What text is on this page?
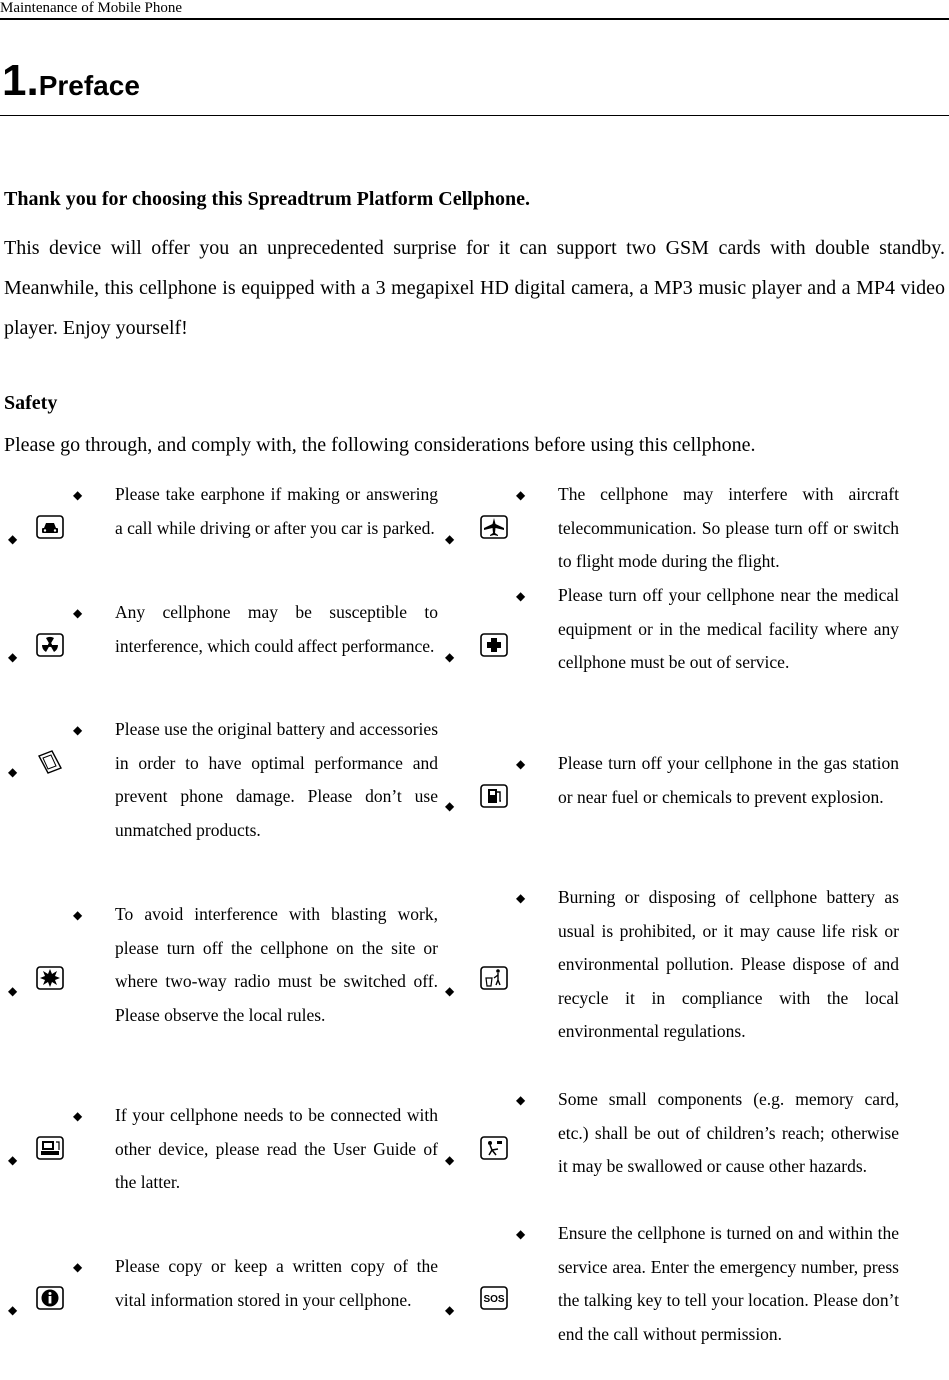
Maintenance of Mobile Phone
1.Preface
Thank you for choosing this Spreadtrum Platform Cellphone.
This device will offer you an unprecedented surprise for it can support two GSM cards with double standby. Meanwhile, this cellphone is equipped with a 3 megapixel HD digital camera, a MP3 music player and a MP4 video player. Enjoy yourself!
Safety
Please go through, and comply with, the following considerations before using this cellphone.
◆
◆ Please take earphone if making or answering a call while driving or after you car is parked.
◆
◆ The cellphone may interfere with aircraft telecommunication. So please turn off or switch to flight mode during the flight.
◆
◆ Any cellphone may be susceptible to interference, which could affect performance.
◆
◆ Please turn off your cellphone near the medical equipment or in the medical facility where any cellphone must be out of service.
◆
◆ Please use the original battery and accessories in order to have optimal performance and prevent phone damage. Please don’t use unmatched products.
◆
◆ Please turn off your cellphone in the gas station or near fuel or chemicals to prevent explosion.
◆
◆ To avoid interference with blasting work, please turn off the cellphone on the site or where two-way radio must be switched off. Please observe the local rules.
◆
◆ Burning or disposing of cellphone battery as usual is prohibited, or it may cause life risk or environmental pollution. Please dispose of and recycle it in compliance with the local environmental regulations.
◆
◆ If your cellphone needs to be connected with other device, please read the User Guide of the latter.
◆
◆ Some small components (e.g. memory card, etc.) shall be out of children’s reach; otherwise it may be swallowed or cause other hazards.
◆
◆ Please copy or keep a written copy of the vital information stored in your cellphone.
◆
SOS
◆ Ensure the cellphone is turned on and within the service area. Enter the emergency number, press the talking key to tell your location. Please don’t end the call without permission.
